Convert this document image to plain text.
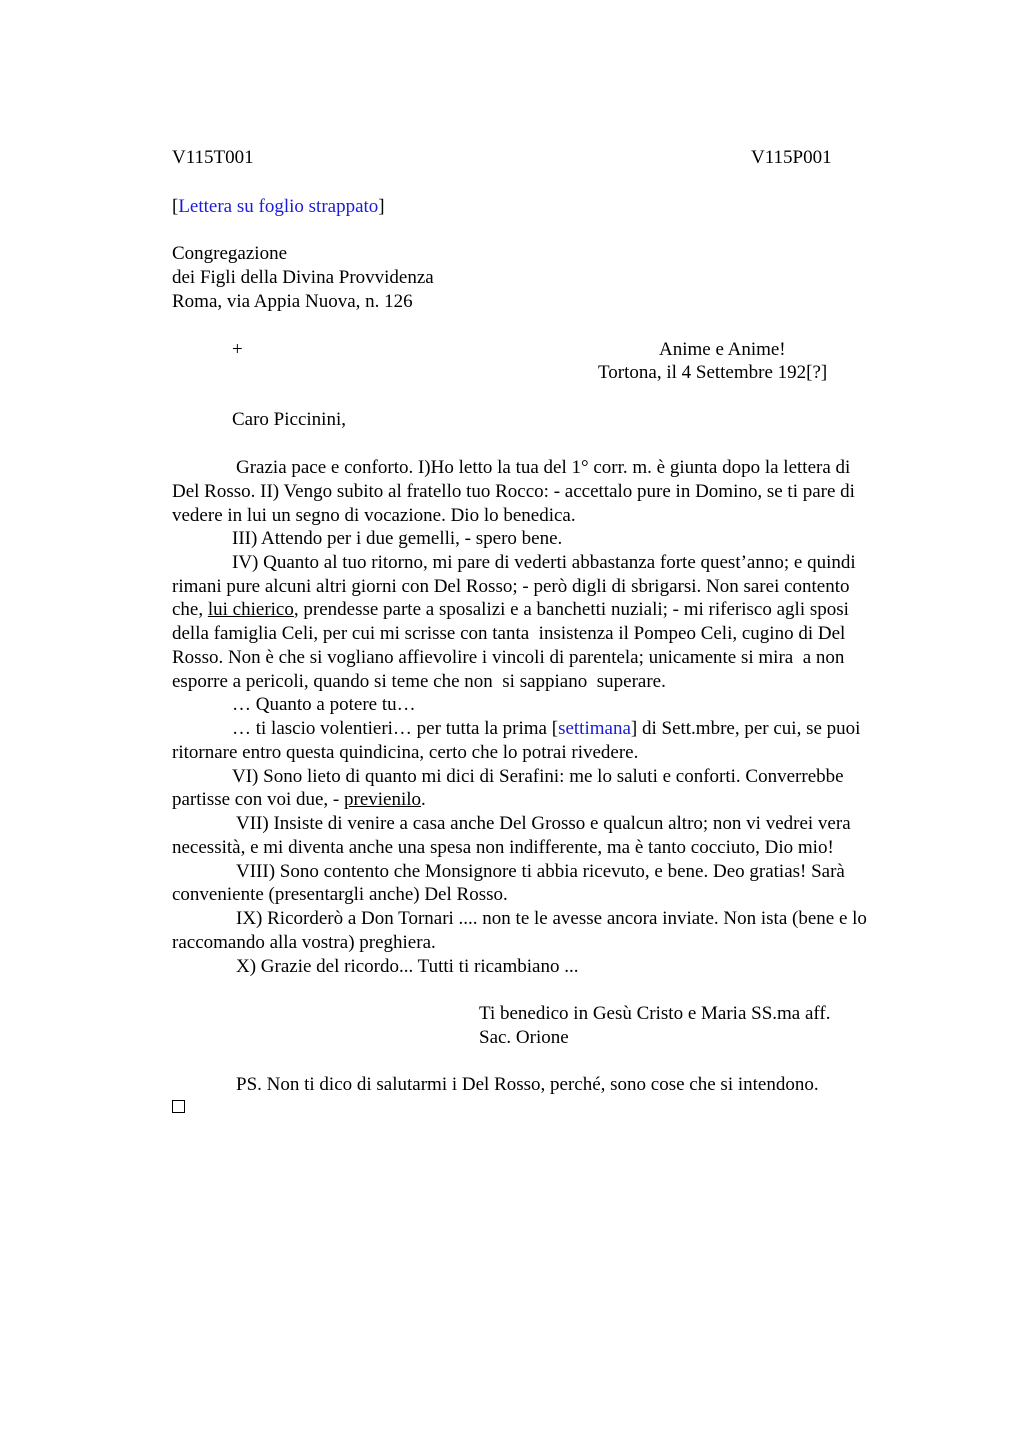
V115T001	V115P001

[Lettera su foglio strappato]

Congregazione

dei Figli della Divina Provvidenza

Roma, via Appia Nuova, n. 126

+	Anime e Anime!

Tortona, il 4 Settembre 192[?]

Caro Piccinini,

Grazia pace e conforto. I)Ho letto la tua del 1° corr. m. è giunta dopo la lettera di

Del Rosso. II) Vengo subito al fratello tuo Rocco: - accettalo pure in Domino, se ti pare di

vedere in lui un segno di vocazione. Dio lo benedica.

III) Attendo per i due gemelli, - spero bene.

IV) Quanto al tuo ritorno, mi pare di vederti abbastanza forte quest’anno; e quindi

rimani pure alcuni altri giorni con Del Rosso; - però digli di sbrigarsi. Non sarei contento

che, lui chierico, prendesse parte a sposalizi e a banchetti nuziali; - mi riferisco agli sposi

della famiglia Celi, per cui mi scrisse con tanta  insistenza il Pompeo Celi, cugino di Del

Rosso. Non è che si vogliano affievolire i vincoli di parentela; unicamente si mira  a non

esporre a pericoli, quando si teme che non  si sappiano  superare.

… Quanto a potere tu…

… ti lascio volentieri… per tutta la prima [settimana] di Sett.mbre, per cui, se puoi

ritornare entro questa quindicina, certo che lo potrai rivedere.

VI) Sono lieto di quanto mi dici di Serafini: me lo saluti e conforti. Converrebbe

partisse con voi due, - previenilo.

VII) Insiste di venire a casa anche Del Grosso e qualcun altro; non vi vedrei vera

necessità, e mi diventa anche una spesa non indifferente, ma è tanto cocciuto, Dio mio!

VIII) Sono contento che Monsignore ti abbia ricevuto, e bene. Deo gratias! Sarà

conveniente (presentargli anche) Del Rosso.

IX) Ricorderò a Don Tornari .... non te le avesse ancora inviate. Non ista (bene e lo

raccomando alla vostra) preghiera.

X) Grazie del ricordo... Tutti ti ricambiano ...

Ti benedico in Gesù Cristo e Maria SS.ma aff.

Sac. Orione

PS. Non ti dico di salutarmi i Del Rosso, perché, sono cose che si intendono.
